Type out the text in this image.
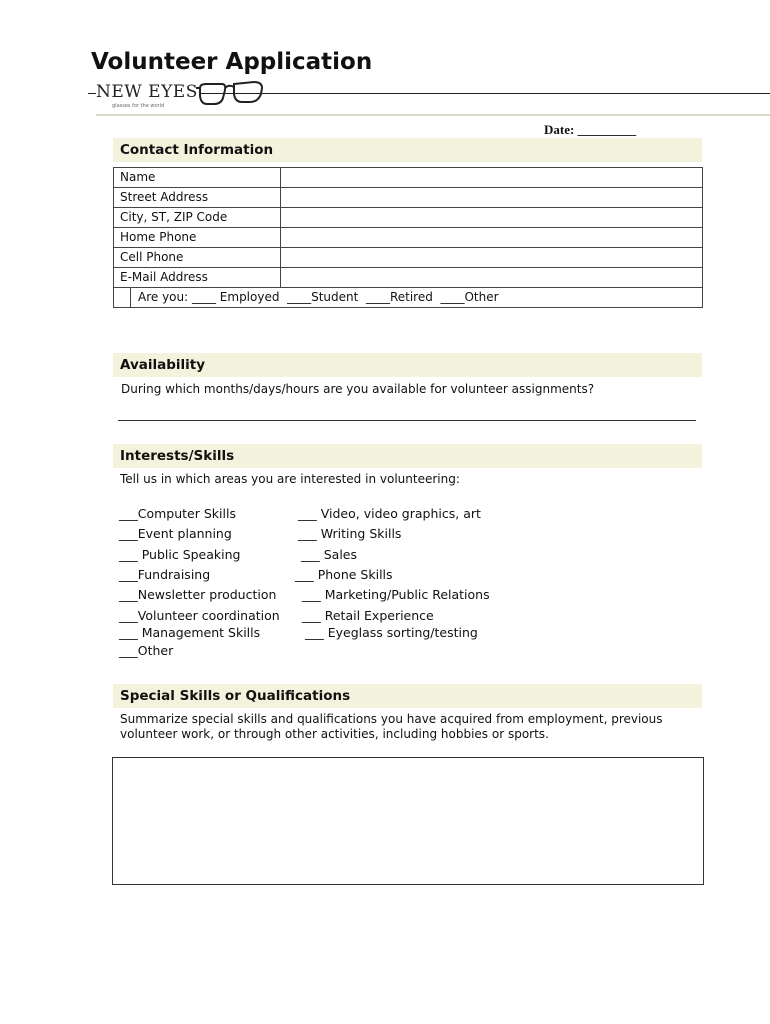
Volunteer Application
NEW EYES
glasses for the world
Date: _________
Contact Information
Name	
Street Address	
City, ST, ZIP Code	
Home Phone	
Cell Phone	
E-Mail Address	

Are you: ____ Employed  ____Student  ____Retired  ____Other	
Availability
During which months/days/hours are you available for volunteer assignments?
Interests/Skills
Tell us in which areas you are interested in volunteering:
___Computer Skills
___Event planning
___ Public Speaking
___Fundraising
___Newsletter production
___Volunteer coordination
___ Management Skills
___Other
___ Video, video graphics, art
___ Writing Skills
___ Sales
___ Phone Skills
___ Marketing/Public Relations
___ Retail Experience
___ Eyeglass sorting/testing
Special Skills or Qualifications
Summarize special skills and qualifications you have acquired from employment, previous
volunteer work, or through other activities, including hobbies or sports.
